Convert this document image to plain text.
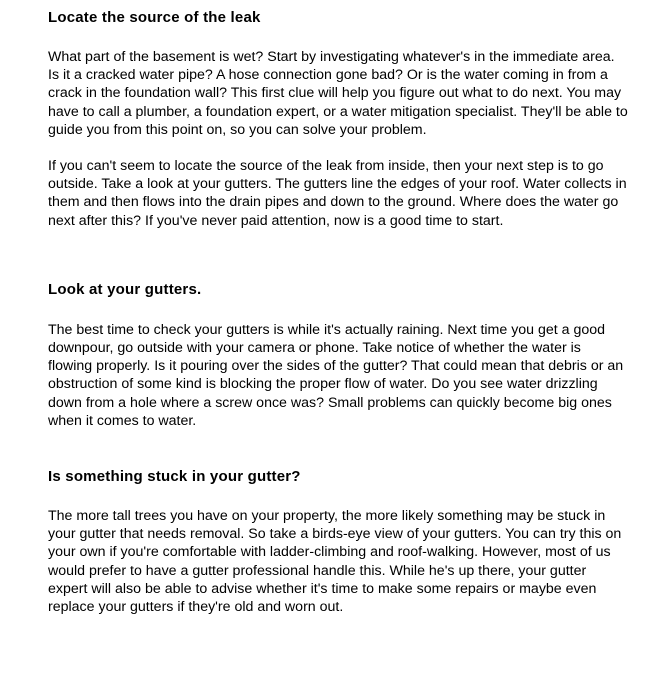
Locate the source of the leak

What part of the basement is wet? Start by investigating whatever's in the immediate area. Is it a cracked water pipe? A hose connection gone bad? Or is the water coming in from a crack in the foundation wall? This first clue will help you figure out what to do next. You may have to call a plumber, a foundation expert, or a water mitigation specialist. They'll be able to guide you from this point on, so you can solve your problem.

If you can't seem to locate the source of the leak from inside, then your next step is to go outside. Take a look at your gutters. The gutters line the edges of your roof. Water collects in them and then flows into the drain pipes and down to the ground. Where does the water go next after this? If you've never paid attention, now is a good time to start.

Look at your gutters.

The best time to check your gutters is while it's actually raining. Next time you get a good downpour, go outside with your camera or phone. Take notice of whether the water is flowing properly. Is it pouring over the sides of the gutter? That could mean that debris or an obstruction of some kind is blocking the proper flow of water. Do you see water drizzling down from a hole where a screw once was? Small problems can quickly become big ones when it comes to water.

Is something stuck in your gutter?

The more tall trees you have on your property, the more likely something may be stuck in your gutter that needs removal. So take a birds-eye view of your gutters. You can try this on your own if you're comfortable with ladder-climbing and roof-walking. However, most of us would prefer to have a gutter professional handle this. While he's up there, your gutter expert will also be able to advise whether it's time to make some repairs or maybe even replace your gutters if they're old and worn out.
